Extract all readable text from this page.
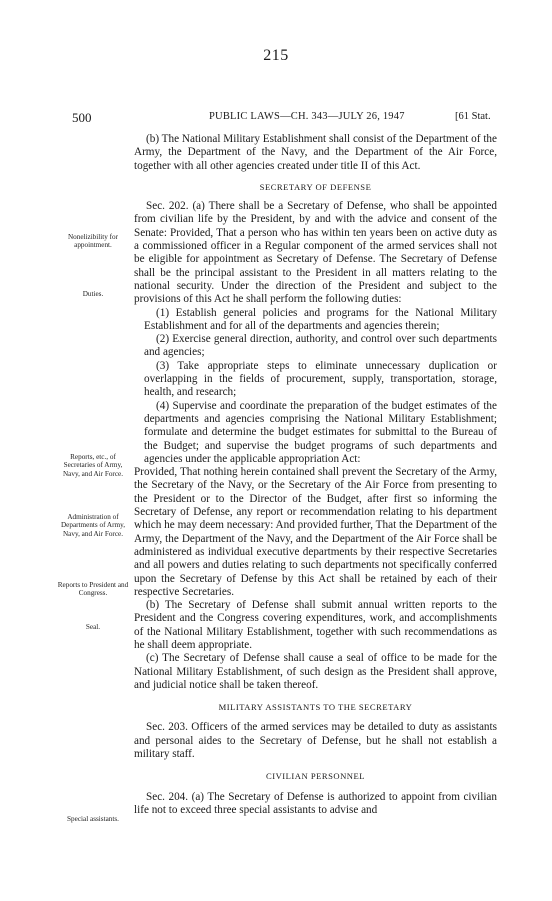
215
500	PUBLIC LAWS—CH. 343—JULY 26, 1947	[61 Stat.
Nonelizibility for appointment.
Duties.
Reports, etc., of Secretaries of Army, Navy, and Air Force.
Administration of Departments of Army, Navy, and Air Force.
Reports to President and Congress.
Seal.
Special assistants.

(b) The National Military Establishment shall consist of the Department of the Army, the Department of the Navy, and the Department of the Air Force, together with all other agencies created under title II of this Act.

SECRETARY OF DEFENSE

Sec. 202. (a) There shall be a Secretary of Defense, who shall be appointed from civilian life by the President, by and with the advice and consent of the Senate: Provided, That a person who has within ten years been on active duty as a commissioned officer in a Regular component of the armed services shall not be eligible for appointment as Secretary of Defense. The Secretary of Defense shall be the principal assistant to the President in all matters relating to the national security. Under the direction of the President and subject to the provisions of this Act he shall perform the following duties:

(1) Establish general policies and programs for the National Military Establishment and for all of the departments and agencies therein;

(2) Exercise general direction, authority, and control over such departments and agencies;

(3) Take appropriate steps to eliminate unnecessary duplication or overlapping in the fields of procurement, supply, transportation, storage, health, and research;

(4) Supervise and coordinate the preparation of the budget estimates of the departments and agencies comprising the National Military Establishment; formulate and determine the budget estimates for submittal to the Bureau of the Budget; and supervise the budget programs of such departments and agencies under the applicable appropriation Act:

Provided, That nothing herein contained shall prevent the Secretary of the Army, the Secretary of the Navy, or the Secretary of the Air Force from presenting to the President or to the Director of the Budget, after first so informing the Secretary of Defense, any report or recommendation relating to his department which he may deem necessary: And provided further, That the Department of the Army, the Department of the Navy, and the Department of the Air Force shall be administered as individual executive departments by their respective Secretaries and all powers and duties relating to such departments not specifically conferred upon the Secretary of Defense by this Act shall be retained by each of their respective Secretaries.

(b) The Secretary of Defense shall submit annual written reports to the President and the Congress covering expenditures, work, and accomplishments of the National Military Establishment, together with such recommendations as he shall deem appropriate.

(c) The Secretary of Defense shall cause a seal of office to be made for the National Military Establishment, of such design as the President shall approve, and judicial notice shall be taken thereof.

MILITARY ASSISTANTS TO THE SECRETARY

Sec. 203. Officers of the armed services may be detailed to duty as assistants and personal aides to the Secretary of Defense, but he shall not establish a military staff.

CIVILIAN PERSONNEL

Sec. 204. (a) The Secretary of Defense is authorized to appoint from civilian life not to exceed three special assistants to advise and
